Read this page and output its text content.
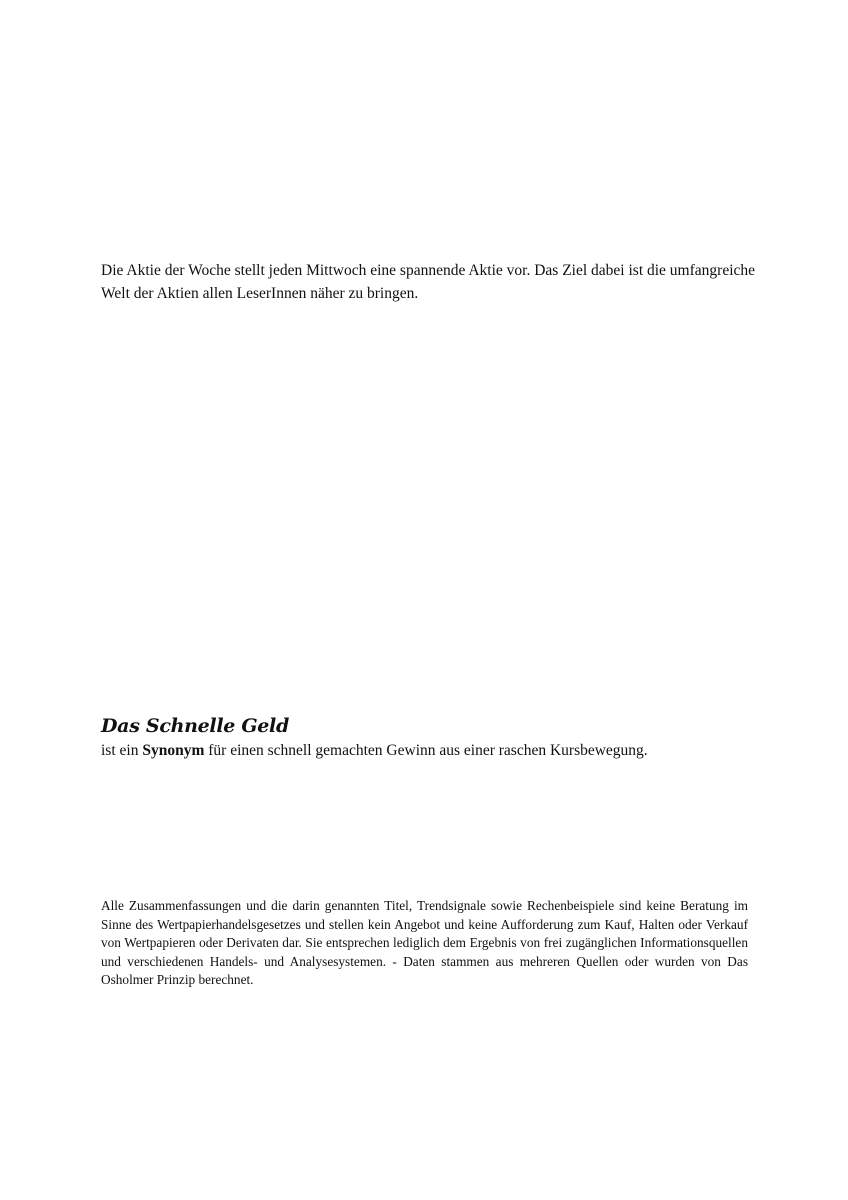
Die Aktie der Woche stellt jeden Mittwoch eine spannende Aktie vor. Das Ziel dabei ist die umfangreiche Welt der Aktien allen LeserInnen näher zu bringen.

Das Schnelle Geld

ist ein Synonym für einen schnell gemachten Gewinn aus einer raschen Kursbewegung.

Alle Zusammenfassungen und die darin genannten Titel, Trendsignale sowie Rechenbeispiele sind keine Beratung im Sinne des Wertpapierhandelsgesetzes und stellen kein Angebot und keine Aufforderung zum Kauf, Halten oder Verkauf von Wertpapieren oder Derivaten dar. Sie entsprechen lediglich dem Ergebnis von frei zugänglichen Informationsquellen und verschiedenen Handels- und Analysesystemen. - Daten stammen aus mehreren Quellen oder wurden von Das Osholmer Prinzip berechnet.
